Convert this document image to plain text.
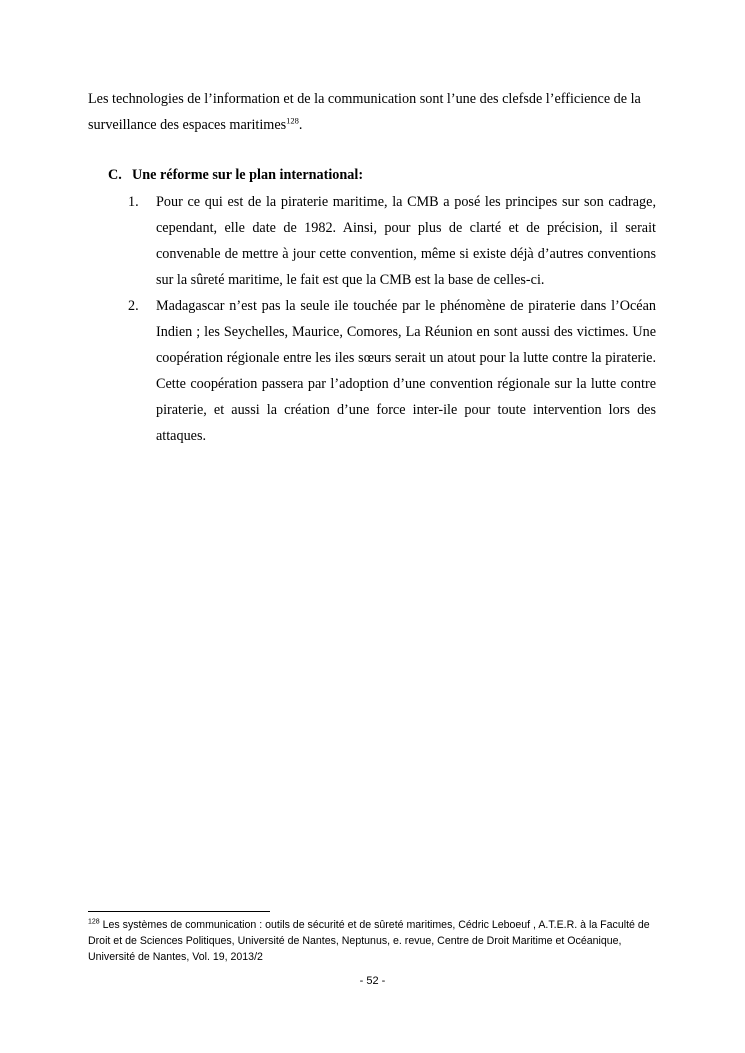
Les technologies de l’information et de la communication sont l’une des clefsde l’efficience de la surveillance des espaces maritimes$^{128}$.

C. Une réforme sur le plan international:
1. Pour ce qui est de la piraterie maritime, la CMB a posé les principes sur son cadrage, cependant, elle date de 1982. Ainsi, pour plus de clarté et de précision, il serait convenable de mettre à jour cette convention, même si existe déjà d’autres conventions sur la sûreté maritime, le fait est que la CMB est la base de celles-ci.
2. Madagascar n’est pas la seule ile touchée par le phénomène de piraterie dans l’Océan Indien ; les Seychelles, Maurice, Comores, La Réunion en sont aussi des victimes. Une coopération régionale entre les iles sœurs serait un atout pour la lutte contre la piraterie. Cette coopération passera par l’adoption d’une convention régionale sur la lutte contre piraterie, et aussi la création d’une force inter-ile pour toute intervention lors des attaques.

$^{128}$ Les systèmes de communication : outils de sécurité et de sûreté maritimes, Cédric Leboeuf , A.T.E.R. à la Faculté de Droit et de Sciences Politiques, Université de Nantes, Neptunus, e. revue, Centre de Droit Maritime et Océanique, Université de Nantes, Vol. 19, 2013/2

- 52 -
